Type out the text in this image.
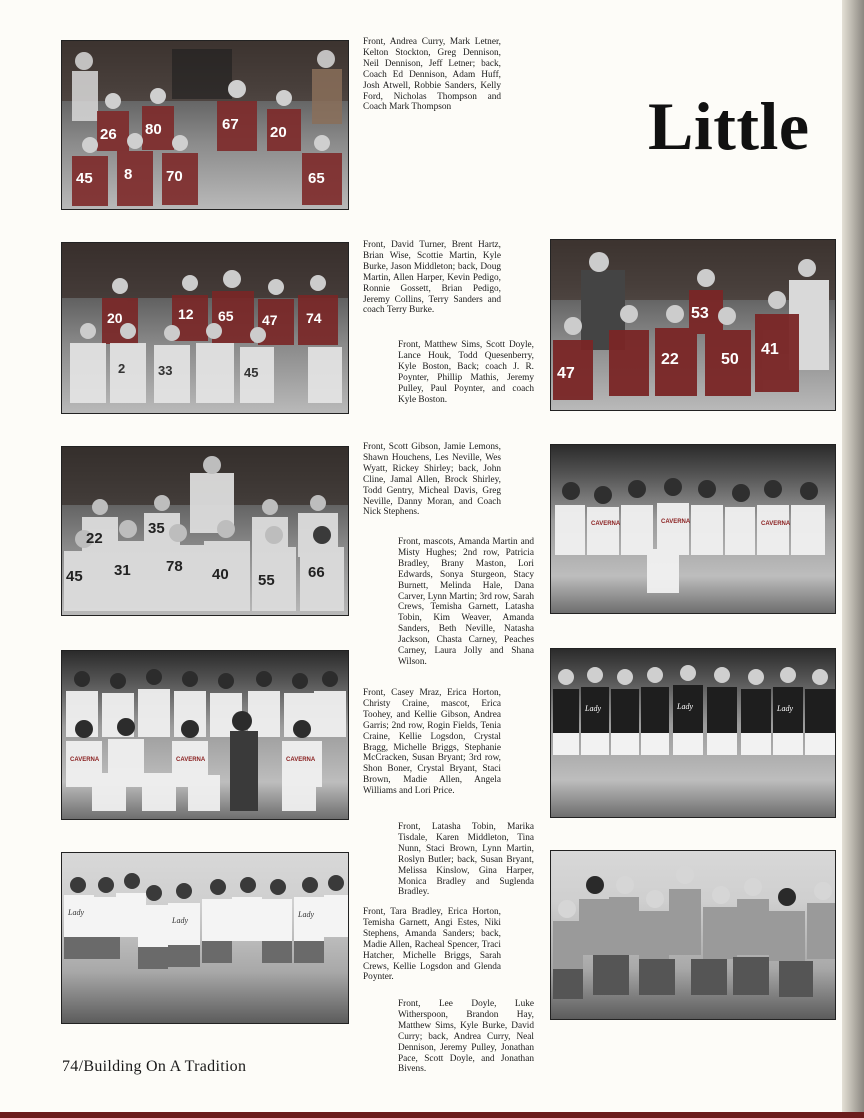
26 80	67 20
45 8 70	65

Front, Andrea Curry, Mark Letner, Kelton Stockton, Greg Dennison, Neil Dennison, Jeff Letner; back, Coach Ed Dennison, Adam Huff, Josh Atwell, Robbie Sanders, Kelly Ford, Nicholas Thompson and Coach Mark Thompson	Little
20	12 65 47 74
2	33	45

Front, David Turner, Brent Hartz, Brian Wise, Scottie Martin, Kyle Burke, Jason Middleton; back, Doug Martin, Allen Harper, Kevin Pedigo, Ronnie Gossett, Brian Pedigo, Jeremy Collins, Terry Sanders and coach Terry Burke.

Front, Matthew Sims, Scott Doyle, Lance Houk, Todd Quesenberry, Kyle Boston, Back; coach J. R. Poynter, Phillip Mathis, Jeremy Pulley, Paul Poynter, and coach Kyle Boston.

47
22
53
50
41
22
31 78 40 55 66
45
35

Front, Scott Gibson, Jamie Lemons, Shawn Houchens, Les Neville, Wes Wyatt, Rickey Shirley; back, John Cline, Jamal Allen, Brock Shirley, Todd Gentry, Micheal Davis, Greg Neville, Danny Moran, and Coach Nick Stephens.

Front, mascots, Amanda Martin and Misty Hughes; 2nd row, Patricia Bradley, Brany Maston, Lori Edwards, Sonya Sturgeon, Stacy Burnett, Melinda Hale, Dana Carver, Lynn Martin; 3rd row, Sarah Crews, Temisha Garnett, Latasha Tobin, Kim Weaver, Amanda Sanders, Beth Neville, Natasha Jackson, Chasta Carney, Peaches Carney, Laura Jolly and Shana Wilson.

CAVERNA	CAVERNA	CAVERNA
CAVERNA	CAVERNA	CAVERNA

Front, Casey Mraz, Erica Horton, Christy Craine, mascot, Erica Toohey, and Kellie Gibson, Andrea Garris; 2nd row, Rogin Fields, Tenia Craine, Kellie Logsdon, Crystal Bragg, Michelle Briggs, Stephanie McCracken, Susan Bryant; 3rd row, Shon Boner, Crystal Bryant, Staci Brown, Madie Allen, Angela Williams and Lori Price.

Front, Latasha Tobin, Marika Tisdale, Karen Middleton, Tina Nunn, Staci Brown, Lynn Martin, Roslyn Butler; back, Susan Bryant, Melissa Kinslow, Gina Harper, Monica Bradley and Suglenda Bradley.

Lady	Lady	Lady
Lady
Lady
Lady	Front, Tara Bradley, Erica Horton, Temisha Garnett, Angi Estes, Niki Stephens, Amanda Sanders; back, Madie Allen, Racheal Spencer, Traci Hatcher, Michelle Briggs, Sarah Crews, Kellie Logsdon and Glenda Poynter.

Front, Lee Doyle, Luke Witherspoon, Brandon Hay, Matthew Sims, Kyle Burke, David Curry; back, Andrea Curry, Neal Dennison, Jeremy Pulley, Jonathan Pace, Scott Doyle, and Jonathan Bivens.

74/Building On A Tradition
